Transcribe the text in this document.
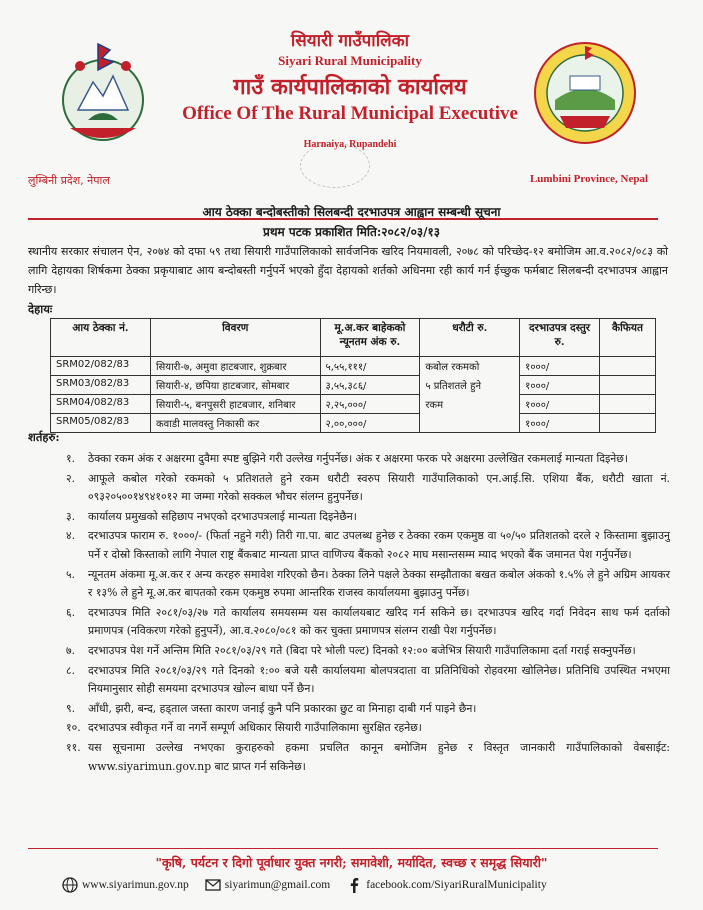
सियारी गाउँपालिका
Siyari Rural Municipality
गाउँ कार्यपालिकाको कार्यालय
Office Of The Rural Municipal Executive
Harnaiya, Rupandehi
लुम्बिनी प्रदेश, नेपाल	Lumbini Province, Nepal
आय ठेक्का बन्दोबस्तीको सिलबन्दी दरभाउपत्र आह्वान सम्बन्धी सूचना
प्रथम पटक प्रकाशित मिति:२०८२/०३/१३
स्थानीय सरकार संचालन ऐन, २०७४ को दफा ५९ तथा सियारी गाउँपालिकाको सार्वजनिक खरिद नियमावली, २०७८ को परिच्छेद-१२ बमोजिम आ.व.२०८२/०८३ को लागि देहायका शिर्षकमा ठेक्का प्रकृयाबाट आय बन्दोबस्ती गर्नुपर्ने भएको हुँदा देहायको शर्तको अधिनमा रही कार्य गर्न ईच्छुक फर्मबाट सिलबन्दी दरभाउपत्र आह्वान गरिन्छ।
देहायः
आय ठेक्का नं.	विवरण	मू.अ.कर बाहेकको न्यूनतम अंक रु.	धरौटी रु.	दरभाउपत्र दस्तुर रु.	कैफियत
SRM02/082/83	सियारी-७, अमुवा हाटबजार, शुक्रबार	५,५५,१११/	कबोल रकमको	१०००/	
SRM03/082/83	सियारी-४, छपिया हाटबजार, सोमबार	३,५५,३८६/	५ प्रतिशतले हुने	१०००/	
SRM04/082/83	सियारी-५, बनपुसरी हाटबजार, शनिबार	२,२५,०००/	रकम	१०००/	
SRM05/082/83	कवाडी मालवस्तु निकासी कर	२,००,०००/		१०००/	
शर्तहरु:
१. ठेक्का रकम अंक र अक्षरमा दुवैमा स्पष्ट बुझिने गरी उल्लेख गर्नुपर्नेछ। अंक र अक्षरमा फरक परे अक्षरमा उल्लेखित रकमलाई मान्यता दिइनेछ।
२. आफूले कबोल गरेको रकमको ५ प्रतिशतले हुने रकम धरौटी स्वरुप सियारी गाउँपालिकाको एन.आई.सि. एशिया बैंक, धरौटी खाता नं. ०९३२०५००१४९४१०१२ मा जम्मा गरेको सक्कल भौचर संलग्न हुनुपर्नेछ।
३. कार्यालय प्रमुखको सहिछाप नभएको दरभाउपत्रलाई मान्यता दिइनेछैन।
४. दरभाउपत्र फाराम रु. १०००/- (फिर्ता नहुने गरी) तिरी गा.पा. बाट उपलब्ध हुनेछ र ठेक्का रकम एकमुष्ठ वा ५०/५० प्रतिशतको दरले २ किस्तामा बुझाउनु पर्ने र दोस्रो किस्ताको लागि नेपाल राष्ट्र बैंकबाट मान्यता प्राप्त वाणिज्य बैंकको २०८२ माघ मसान्तसम्म म्याद भएको बैंक जमानत पेश गर्नुपर्नेछ।
५. न्यूनतम अंकमा मू.अ.कर र अन्य करहरु समावेश गरिएको छैन। ठेक्का लिने पक्षले ठेक्का सम्झौताका बखत कबोल अंकको १.५% ले हुने अग्रिम आयकर र १३% ले हुने मू.अ.कर बापतको रकम एकमुष्ठ रुपमा आन्तरिक राजस्व कार्यालयमा बुझाउनु पर्नेछ।
६. दरभाउपत्र मिति २०८१/०३/२७ गते कार्यालय समयसम्म यस कार्यालयबाट खरिद गर्न सकिने छ। दरभाउपत्र खरिद गर्दा निवेदन साथ फर्म दर्ताको प्रमाणपत्र (नविकरण गरेको हुनुपर्ने), आ.व.२०८०/०८१ को कर चुक्ता प्रमाणपत्र संलग्न राखी पेश गर्नुपर्नेछ।
७. दरभाउपत्र पेश गर्ने अन्तिम मिति २०८१/०३/२९ गते (बिदा परे भोली पल्ट) दिनको १२:०० बजेभित्र सियारी गाउँपालिकामा दर्ता गराई सक्नुपर्नेछ।
८. दरभाउपत्र मिति २०८१/०३/२९ गते दिनको १:०० बजे यसै कार्यालयमा बोलपत्रदाता वा प्रतिनिधिको रोहवरमा खोलिनेछ। प्रतिनिधि उपस्थित नभएमा नियमानुसार सोही समयमा दरभाउपत्र खोल्न बाधा पर्ने छैन।
९. आँधी, झरी, बन्द, हड्ताल जस्ता कारण जनाई कुनै पनि प्रकारका छुट वा मिनाहा दाबी गर्न पाइने छैन।
१०. दरभाउपत्र स्वीकृत गर्ने वा नगर्ने सम्पूर्ण अधिकार सियारी गाउँपालिकामा सुरक्षित रहनेछ।
११. यस सूचनामा उल्लेख नभएका कुराहरुको हकमा प्रचलित कानून बमोजिम हुनेछ र विस्तृत जानकारी गाउँपालिकाको वेबसाईट: www.siyarimun.gov.np बाट प्राप्त गर्न सकिनेछ।
"कृषि, पर्यटन र दिगो पूर्वाधार युक्त नगरी; समावेशी, मर्यादित, स्वच्छ र समृद्ध सियारी"
www.siyarimun.gov.np	siyarimun@gmail.com	facebook.com/SiyariRuralMunicipality
